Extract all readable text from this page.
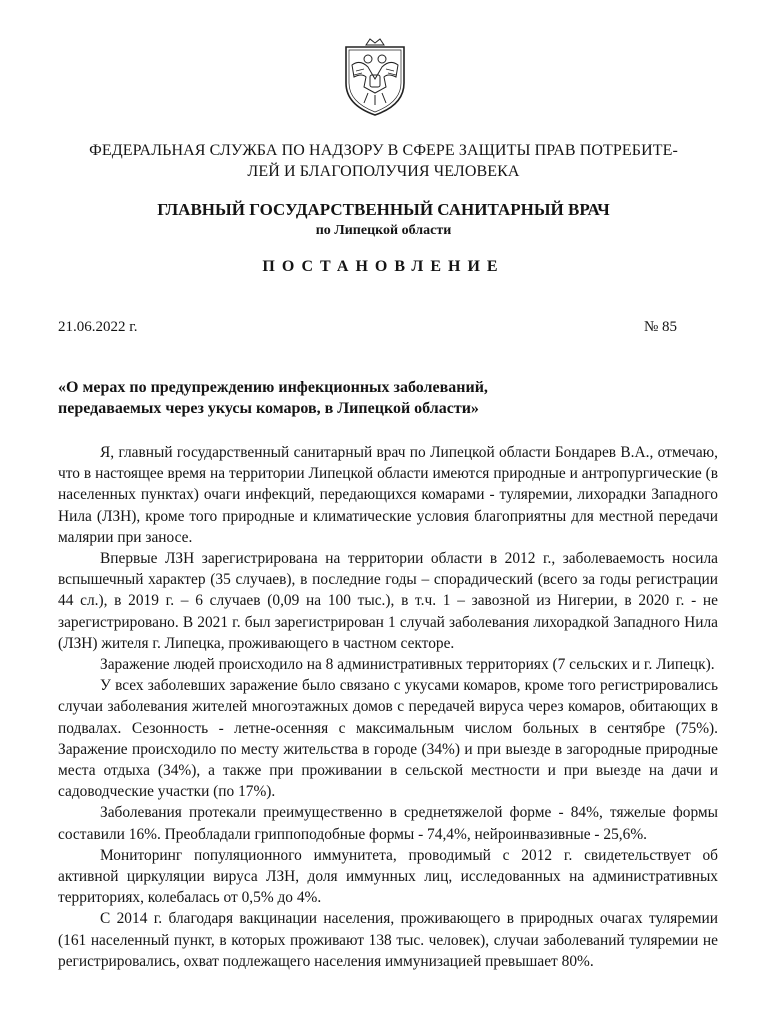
ФЕДЕРАЛЬНАЯ СЛУЖБА ПО НАДЗОРУ В СФЕРЕ ЗАЩИТЫ ПРАВ ПОТРЕБИТЕ-
ЛЕЙ И БЛАГОПОЛУЧИЯ ЧЕЛОВЕКА
ГЛАВНЫЙ ГОСУДАРСТВЕННЫЙ САНИТАРНЫЙ ВРАЧ
по Липецкой области
ПОСТАНОВЛЕНИЕ
21.06.2022 г.	№ 85
«О мерах по предупреждению инфекционных заболеваний,
передаваемых через укусы комаров, в Липецкой области»

Я, главный государственный санитарный врач по Липецкой области Бондарев В.А., отмечаю, что в настоящее время на территории Липецкой области имеются природные и антропургические (в населенных пунктах) очаги инфекций, передающихся комарами - туляремии, лихорадки Западного Нила (ЛЗН), кроме того природные и климатические условия благоприятны для местной передачи малярии при заносе.

Впервые ЛЗН зарегистрирована на территории области в 2012 г., заболеваемость носила вспышечный характер (35 случаев), в последние годы – спорадический (всего за годы регистрации 44 сл.), в 2019 г. – 6 случаев (0,09 на 100 тыс.), в т.ч. 1 – завозной из Нигерии, в 2020 г. - не зарегистрировано. В 2021 г. был зарегистрирован 1 случай заболевания лихорадкой Западного Нила (ЛЗН) жителя г. Липецка, проживающего в частном секторе.

Заражение людей происходило на 8 административных территориях (7 сельских и г. Липецк).

У всех заболевших заражение было связано с укусами комаров, кроме того регистрировались случаи заболевания жителей многоэтажных домов с передачей вируса через комаров, обитающих в подвалах. Сезонность - летне-осенняя с максимальным числом больных в сентябре (75%). Заражение происходило по месту жительства в городе (34%) и при выезде в загородные природные места отдыха (34%), а также при проживании в сельской местности и при выезде на дачи и садоводческие участки (по 17%).

Заболевания протекали преимущественно в среднетяжелой форме - 84%, тяжелые формы составили 16%. Преобладали гриппоподобные формы - 74,4%, нейроинвазивные - 25,6%.

Мониторинг популяционного иммунитета, проводимый с 2012 г. свидетельствует об активной циркуляции вируса ЛЗН, доля иммунных лиц, исследованных на административных территориях, колебалась от 0,5% до 4%.

С 2014 г. благодаря вакцинации населения, проживающего в природных очагах туляремии (161 населенный пункт, в которых проживают 138 тыс. человек), случаи заболеваний туляремии не регистрировались, охват подлежащего населения иммунизацией превышает 80%.
